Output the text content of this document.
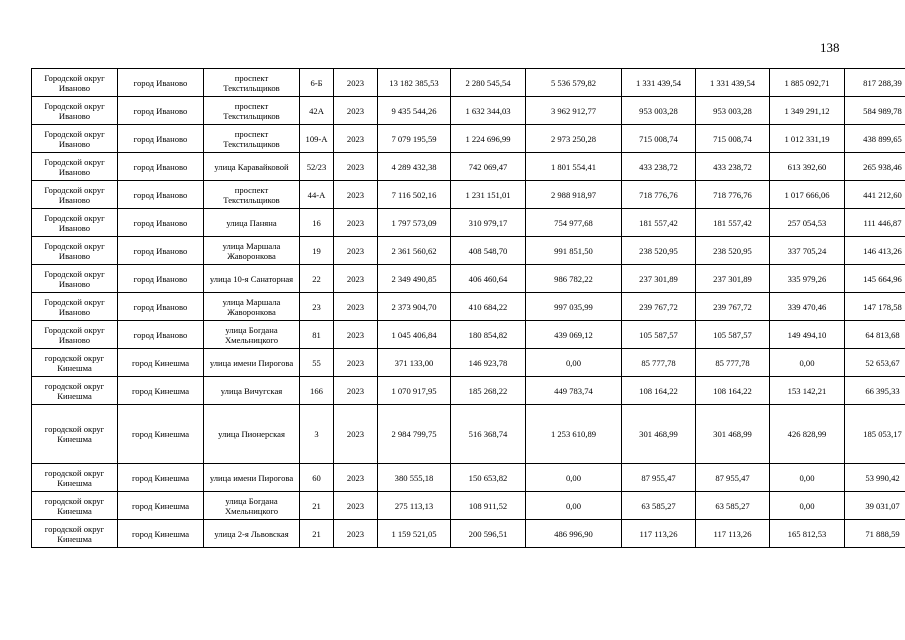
138
Городской округ Иваново	город Иваново	проспект Текстильщиков	6-Б	2023	13 182 385,53	2 280 545,54	5 536 579,82	1 331 439,54	1 331 439,54	1 885 092,71	817 288,39
Городской округ Иваново	город Иваново	проспект Текстильщиков	42А	2023	9 435 544,26	1 632 344,03	3 962 912,77	953 003,28	953 003,28	1 349 291,12	584 989,78
Городской округ Иваново	город Иваново	проспект Текстильщиков	109-А	2023	7 079 195,59	1 224 696,99	2 973 250,28	715 008,74	715 008,74	1 012 331,19	438 899,65
Городской округ Иваново	город Иваново	улица Каравайковой	52/23	2023	4 289 432,38	742 069,47	1 801 554,41	433 238,72	433 238,72	613 392,60	265 938,46
Городской округ Иваново	город Иваново	проспект Текстильщиков	44-А	2023	7 116 502,16	1 231 151,01	2 988 918,97	718 776,76	718 776,76	1 017 666,06	441 212,60
Городской округ Иваново	город Иваново	улица Паняна	16	2023	1 797 573,09	310 979,17	754 977,68	181 557,42	181 557,42	257 054,53	111 446,87
Городской округ Иваново	город Иваново	улица Маршала Жаворонкова	19	2023	2 361 560,62	408 548,70	991 851,50	238 520,95	238 520,95	337 705,24	146 413,26
Городской округ Иваново	город Иваново	улица 10-я Санаторная	22	2023	2 349 490,85	406 460,64	986 782,22	237 301,89	237 301,89	335 979,26	145 664,96
Городской округ Иваново	город Иваново	улица Маршала Жаворонкова	23	2023	2 373 904,70	410 684,22	997 035,99	239 767,72	239 767,72	339 470,46	147 178,58
Городской округ Иваново	город Иваново	улица Богдана Хмельницкого	81	2023	1 045 406,84	180 854,82	439 069,12	105 587,57	105 587,57	149 494,10	64 813,68
городской округ Кинешма	город Кинешма	улица имени Пирогова	55	2023	371 133,00	146 923,78	0,00	85 777,78	85 777,78	0,00	52 653,67
городской округ Кинешма	город Кинешма	улица Вичугская	166	2023	1 070 917,95	185 268,22	449 783,74	108 164,22	108 164,22	153 142,21	66 395,33
городской округ Кинешма	город Кинешма	улица Пионерская	3	2023	2 984 799,75	516 368,74	1 253 610,89	301 468,99	301 468,99	426 828,99	185 053,17
городской округ Кинешма	город Кинешма	улица имени Пирогова	60	2023	380 555,18	150 653,82	0,00	87 955,47	87 955,47	0,00	53 990,42
городской округ Кинешма	город Кинешма	улица Богдана Хмельницкого	21	2023	275 113,13	108 911,52	0,00	63 585,27	63 585,27	0,00	39 031,07
городской округ Кинешма	город Кинешма	улица 2-я Львовская	21	2023	1 159 521,05	200 596,51	486 996,90	117 113,26	117 113,26	165 812,53	71 888,59
